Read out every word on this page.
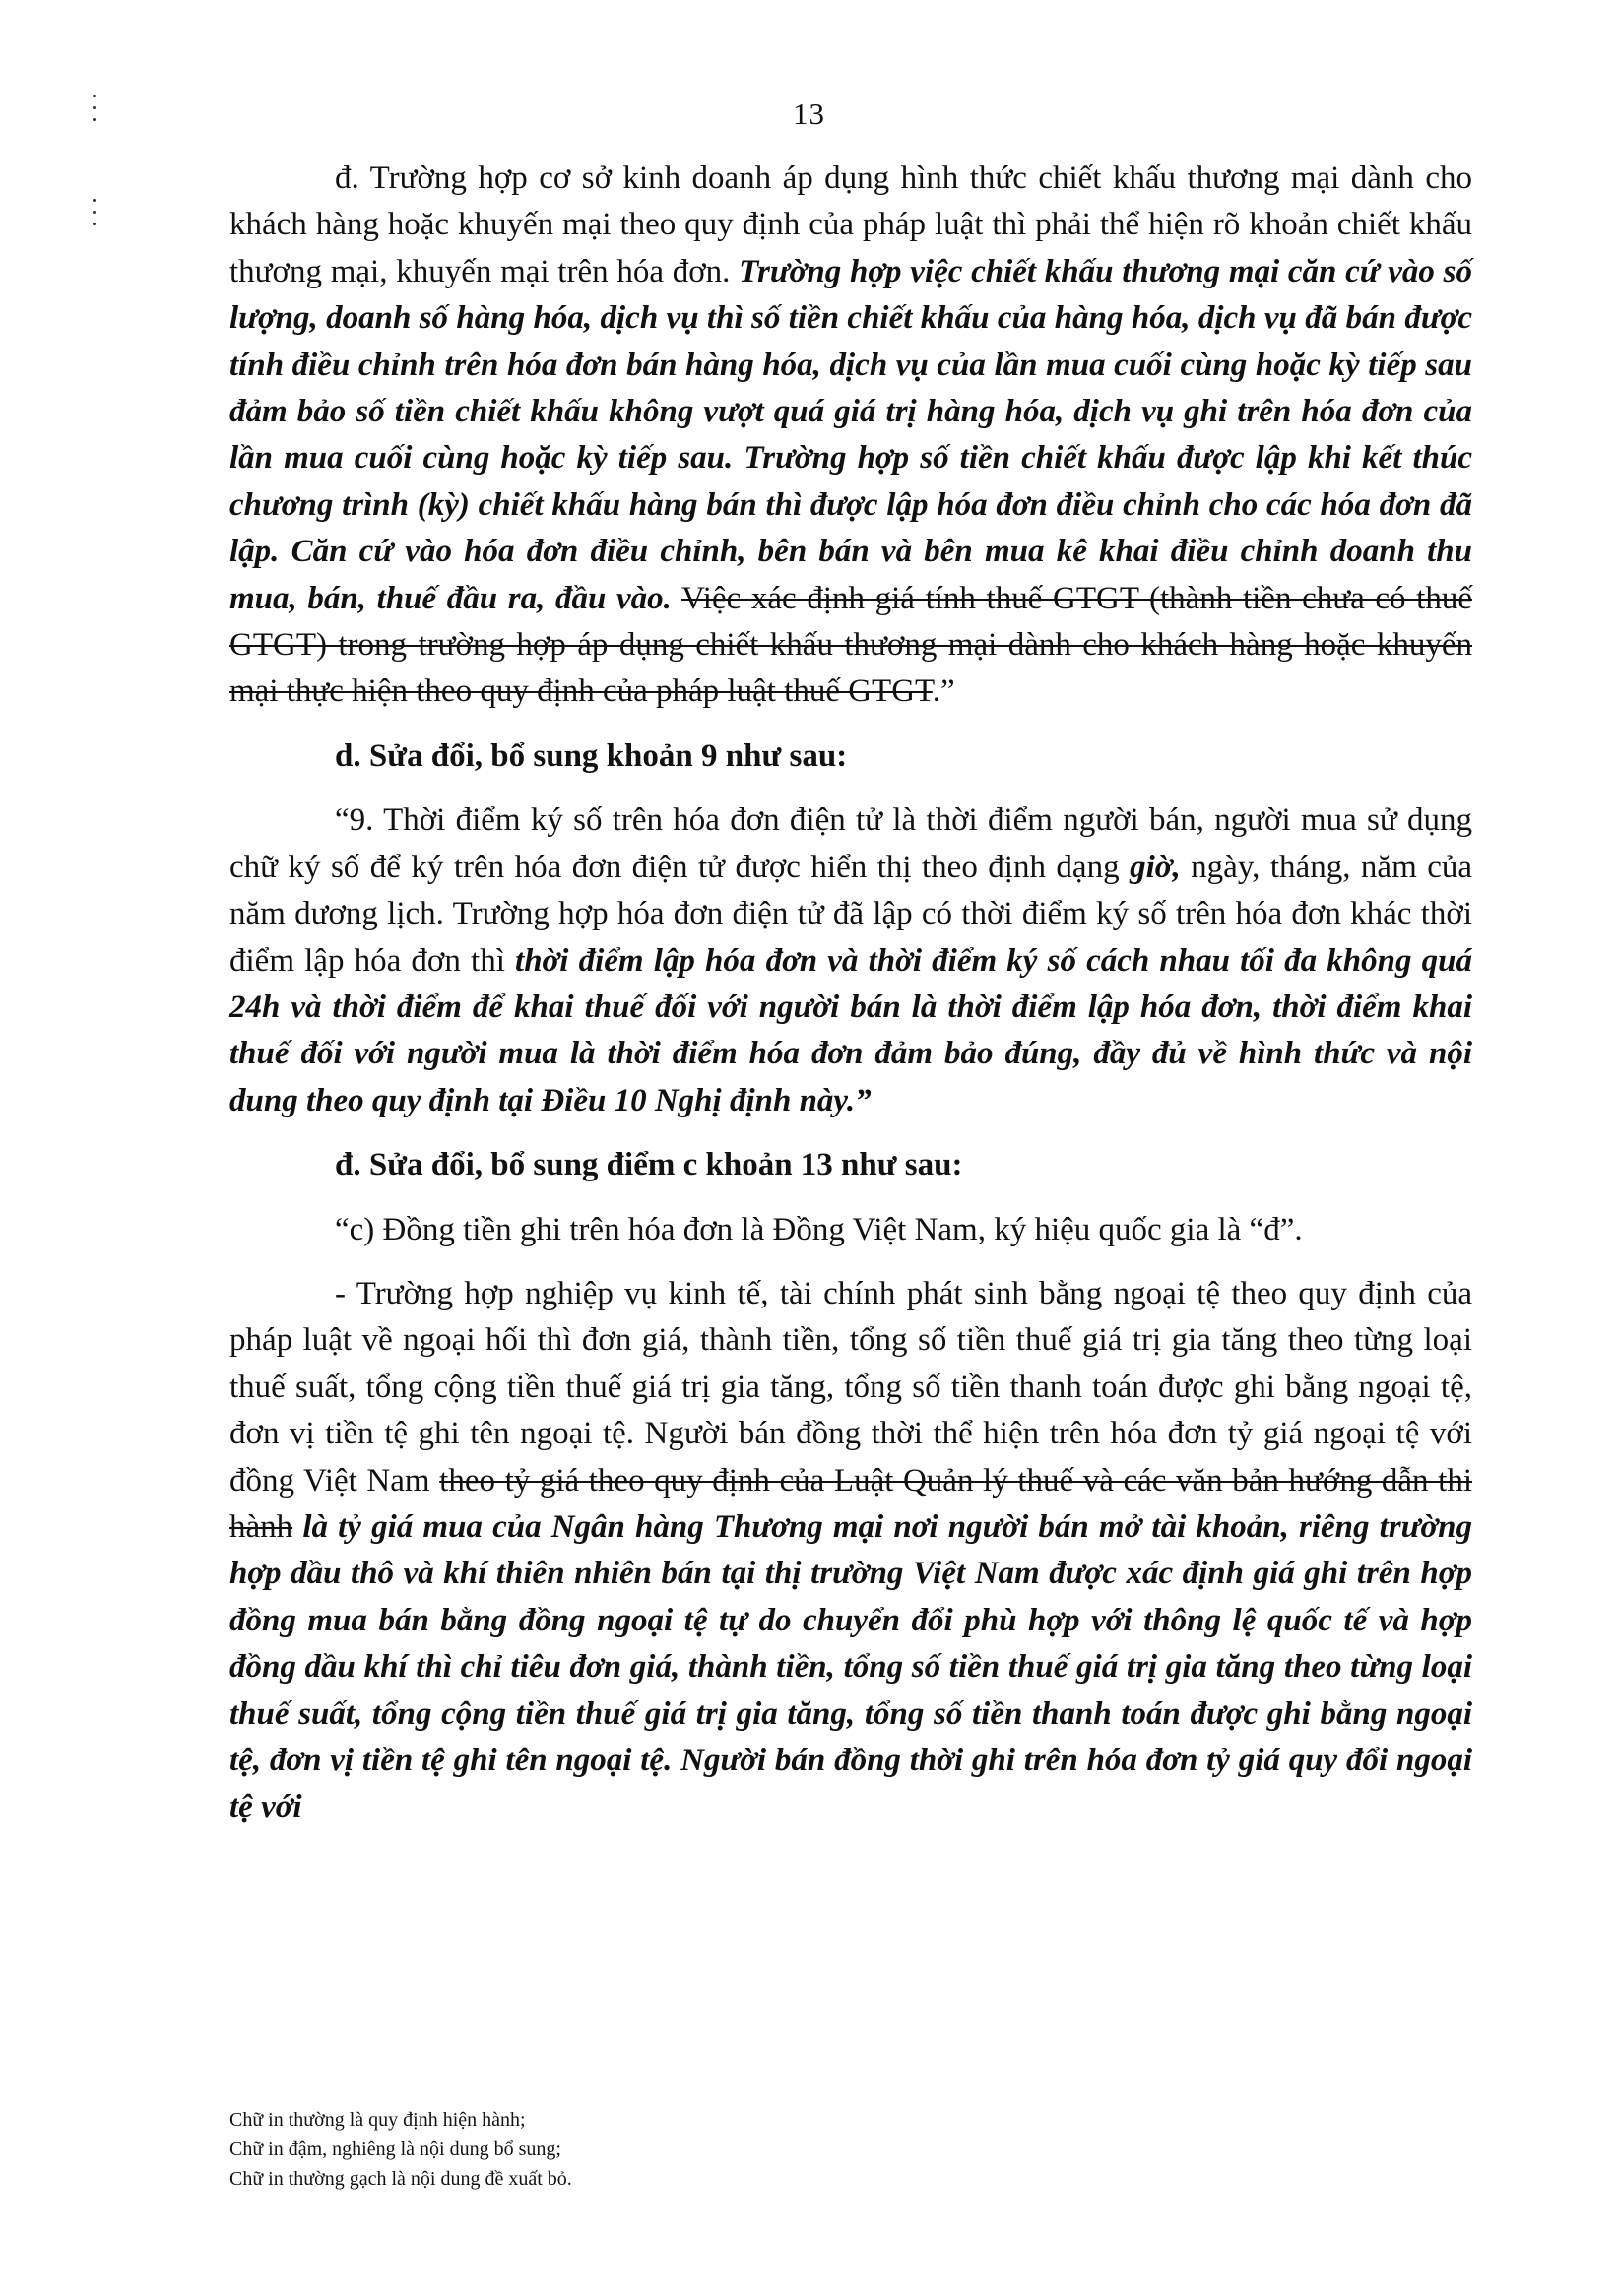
13

đ. Trường hợp cơ sở kinh doanh áp dụng hình thức chiết khấu thương mại dành cho khách hàng hoặc khuyến mại theo quy định của pháp luật thì phải thể hiện rõ khoản chiết khấu thương mại, khuyến mại trên hóa đơn. Trường hợp việc chiết khấu thương mại căn cứ vào số lượng, doanh số hàng hóa, dịch vụ thì số tiền chiết khấu của hàng hóa, dịch vụ đã bán được tính điều chỉnh trên hóa đơn bán hàng hóa, dịch vụ của lần mua cuối cùng hoặc kỳ tiếp sau đảm bảo số tiền chiết khấu không vượt quá giá trị hàng hóa, dịch vụ ghi trên hóa đơn của lần mua cuối cùng hoặc kỳ tiếp sau. Trường hợp số tiền chiết khấu được lập khi kết thúc chương trình (kỳ) chiết khấu hàng bán thì được lập hóa đơn điều chỉnh cho các hóa đơn đã lập. Căn cứ vào hóa đơn điều chỉnh, bên bán và bên mua kê khai điều chỉnh doanh thu mua, bán, thuế đầu ra, đầu vào. Việc xác định giá tính thuế GTGT (thành tiền chưa có thuế GTGT) trong trường hợp áp dụng chiết khấu thương mại dành cho khách hàng hoặc khuyến mại thực hiện theo quy định của pháp luật thuế GTGT.”

d. Sửa đổi, bổ sung khoản 9 như sau:

“9. Thời điểm ký số trên hóa đơn điện tử là thời điểm người bán, người mua sử dụng chữ ký số để ký trên hóa đơn điện tử được hiển thị theo định dạng giờ, ngày, tháng, năm của năm dương lịch. Trường hợp hóa đơn điện tử đã lập có thời điểm ký số trên hóa đơn khác thời điểm lập hóa đơn thì thời điểm lập hóa đơn và thời điểm ký số cách nhau tối đa không quá 24h và thời điểm để khai thuế đối với người bán là thời điểm lập hóa đơn, thời điểm khai thuế đối với người mua là thời điểm hóa đơn đảm bảo đúng, đầy đủ về hình thức và nội dung theo quy định tại Điều 10 Nghị định này.”

đ. Sửa đổi, bổ sung điểm c khoản 13 như sau:

“c) Đồng tiền ghi trên hóa đơn là Đồng Việt Nam, ký hiệu quốc gia là “đ”.

- Trường hợp nghiệp vụ kinh tế, tài chính phát sinh bằng ngoại tệ theo quy định của pháp luật về ngoại hối thì đơn giá, thành tiền, tổng số tiền thuế giá trị gia tăng theo từng loại thuế suất, tổng cộng tiền thuế giá trị gia tăng, tổng số tiền thanh toán được ghi bằng ngoại tệ, đơn vị tiền tệ ghi tên ngoại tệ. Người bán đồng thời thể hiện trên hóa đơn tỷ giá ngoại tệ với đồng Việt Nam theo tỷ giá theo quy định của Luật Quản lý thuế và các văn bản hướng dẫn thi hành là tỷ giá mua của Ngân hàng Thương mại nơi người bán mở tài khoản, riêng trường hợp dầu thô và khí thiên nhiên bán tại thị trường Việt Nam được xác định giá ghi trên hợp đồng mua bán bằng đồng ngoại tệ tự do chuyển đổi phù hợp với thông lệ quốc tế và hợp đồng dầu khí thì chỉ tiêu đơn giá, thành tiền, tổng số tiền thuế giá trị gia tăng theo từng loại thuế suất, tổng cộng tiền thuế giá trị gia tăng, tổng số tiền thanh toán được ghi bằng ngoại tệ, đơn vị tiền tệ ghi tên ngoại tệ. Người bán đồng thời ghi trên hóa đơn tỷ giá quy đổi ngoại tệ với

Chữ in thường là quy định hiện hành;
Chữ in đậm, nghiêng là nội dung bổ sung;
Chữ in thường gạch là nội dung đề xuất bỏ.
